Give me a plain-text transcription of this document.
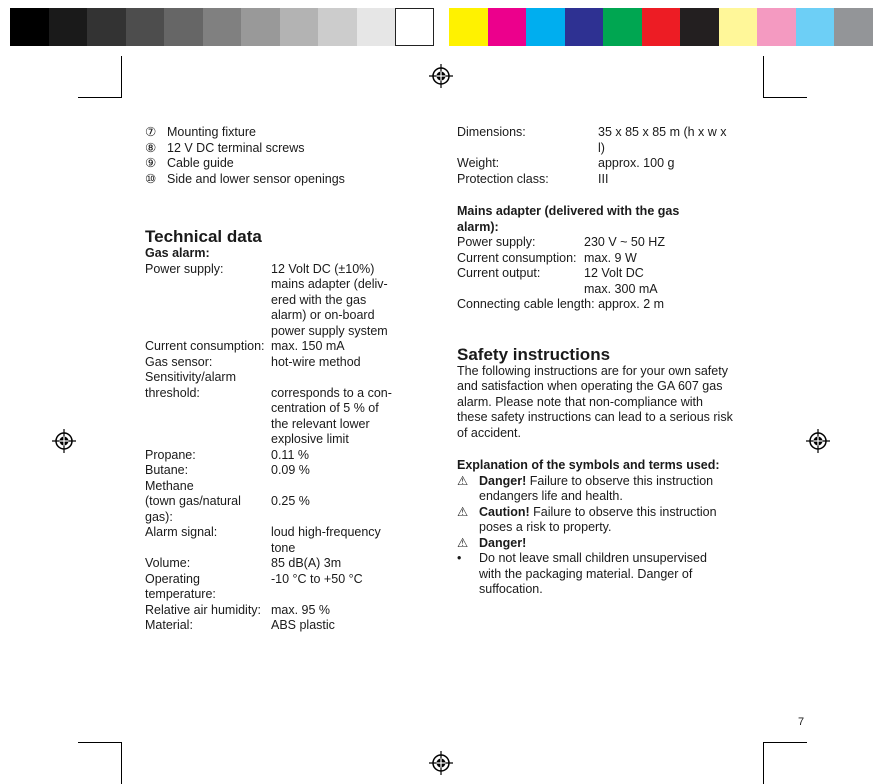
⑦ Mounting fixture
⑧ 12 V DC terminal screws
⑨ Cable guide
⑩ Side and lower sensor openings
Technical data
Gas alarm:
Power supply:	12 Volt DC (±10%)
mains adapter (deliv-
ered with the gas
alarm) or on-board
power supply system
Current consumption: max. 150 mA
Gas sensor:	hot-wire method
Sensitivity/alarm
threshold:	corresponds to a con-
centration of 5 % of
the relevant lower
explosive limit
Propane:	0.11 %
Butane:	0.09 %
Methane
(town gas/natural gas):
0.25 %
Alarm signal:	loud high-frequency
tone
Volume:	85 dB(A) 3m
Operating temperature:
-10 °C to +50 °C
Relative air humidity: max. 95 %
Material:	ABS plastic
Dimensions:	35 x 85 x 85 m (h x w x l)
Weight:	approx. 100 g
Protection class:	III
Mains adapter (delivered with the gas alarm):
Power supply:	230 V ~ 50 HZ
Current consumption: max. 9 W
Current output:	12 Volt DC
max. 300 mA

Connecting cable length: approx. 2 m

Safety instructions

The following instructions are for your own safety and satisfaction when operating the GA 607 gas alarm. Please note that non-compliance with these safety instructions can lead to a serious risk of accident.

Explanation of the symbols and terms used:
⚠ Danger! Failure to observe this instruction endangers life and health.
⚠ Caution! Failure to observe this instruction poses a risk to property.
⚠ Danger!
•	Do not leave small children unsupervised with the packaging material. Danger of suffocation.
7
